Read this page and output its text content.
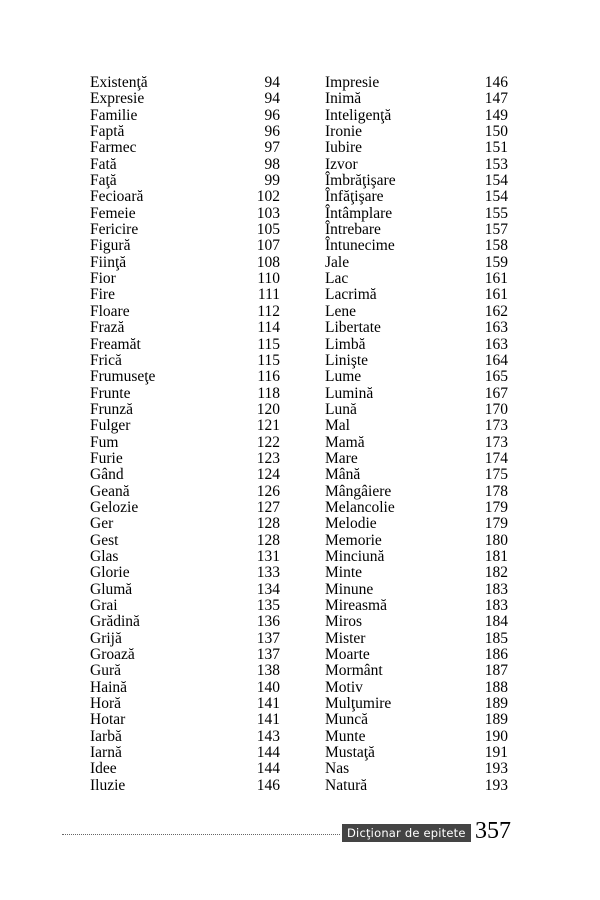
Existenţă	94
Expresie	94
Familie	96
Faptă	96
Farmec	97
Fată	98
Faţă	99
Fecioară	102
Femeie	103
Fericire	105
Figură	107
Fiinţă	108
Fior	110
Fire	111
Floare	112
Frază	114
Freamăt	115
Frică	115
Frumuseţe	116
Frunte	118
Frunză	120
Fulger	121
Fum	122
Furie	123
Gând	124
Geană	126
Gelozie	127
Ger	128
Gest	128
Glas	131
Glorie	133
Glumă	134
Grai	135
Grădină	136
Grijă	137
Groază	137
Gură	138
Haină	140
Horă	141
Hotar	141
Iarbă	143
Iarnă	144
Idee	144
Iluzie	146
Impresie	146
Inimă	147
Inteligenţă	149
Ironie	150
Iubire	151
Izvor	153
Îmbrăţişare	154
Înfăţişare	154
Întâmplare	155
Întrebare	157
Întunecime	158
Jale	159
Lac	161
Lacrimă	161
Lene	162
Libertate	163
Limbă	163
Linişte	164
Lume	165
Lumină	167
Lună	170
Mal	173
Mamă	173
Mare	174
Mână	175
Mângâiere	178
Melancolie	179
Melodie	179
Memorie	180
Minciună	181
Minte	182
Minune	183
Mireasmă	183
Miros	184
Mister	185
Moarte	186
Mormânt	187
Motiv	188
Mulţumire	189
Muncă	189
Munte	190
Mustaţă	191
Nas	193
Natură	193
Dicţionar de epitete 357
